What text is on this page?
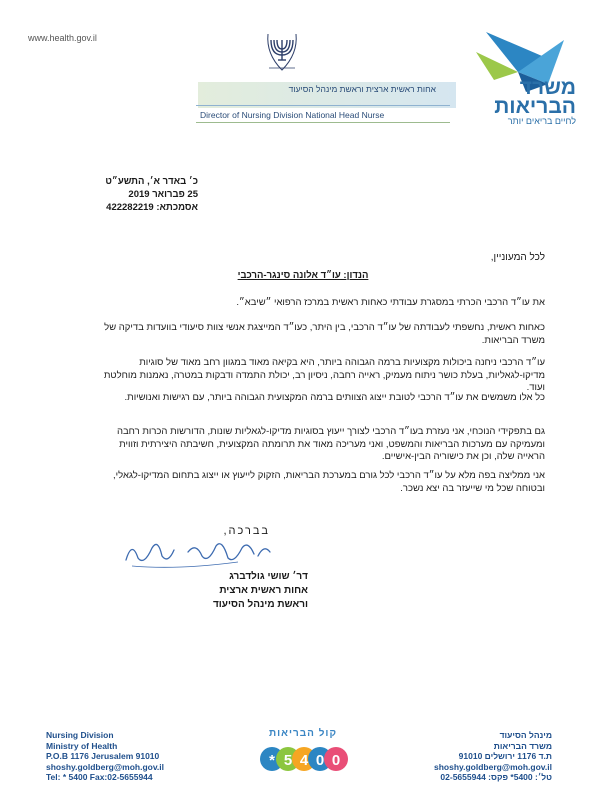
www.health.gov.il
משרד
הבריאות
לחיים בריאים יותר
אחות ראשית ארצית וראשת מינהל הסיעוד
Director of Nursing Division National Head Nurse
כ׳ באדר א׳, התשע״ט
25 פברואר 2019
אסמכתא: 422282219
לכל המעוניין,
הנדון: עו״ד אלונה סינגר-הרכבי
את עו״ד הרכבי הכרתי במסגרת עבודתי כאחות ראשית במרכז הרפואי ״שיבא״.
כאחות ראשית, נחשפתי לעבודתה של עו״ד הרכבי, בין היתר, כעו״ד המייצגת אנשי צוות סיעודי בוועדות בדיקה של משרד הבריאות.
עו״ד הרכבי ניחנה ביכולות מקצועיות ברמה הגבוהה ביותר, היא בקיאה מאוד במגוון רחב מאוד של סוגיות מדיקו-לגאליות, בעלת כושר ניתוח מעמיק, ראייה רחבה, ניסיון רב, יכולת התמדה ודבקות במטרה, נאמנות מוחלטת ועוד.
כל אלו משמשים את עו״ד הרכבי לטובת ייצוג הצוותים ברמה המקצועית הגבוהה ביותר, עם רגישות ואנושיות.
גם בתפקידי הנוכחי, אני נעזרת בעו״ד הרכבי לצורך ייעוץ בסוגיות מדיקו-לגאליות שונות, הדורשות הכרות רחבה ומעמיקה עם מערכות הבריאות והמשפט, ואני מעריכה מאוד את תרומתה המקצועית, חשיבתה היצירתית וזווית הראייה שלה, וכן את כישוריה הבין-אישיים.
אני ממליצה בפה מלא על עו״ד הרכבי לכל גורם במערכת הבריאות, הזקוק לייעוץ או ייצוג בתחום המדיקו-לגאלי, ובטוחה שכל מי שייעזר בה יצא נשכר.
בברכה,
דר׳ שושי גולדברג
אחות ראשית ארצית
וראשת מינהל הסיעוד
Nursing Division
Ministry of Health
P.O.B 1176 Jerusalem 91010
shoshy.goldberg@moh.gov.il
Tel: * 5400 Fax:02-5655944
קול הבריאות
* 5 4 0 0
מינהל הסיעוד
משרד הבריאות
ת.ד 1176 ירושלים 91010
shoshy.goldberg@moh.gov.il
טל׳: 5400* פקס: 02-5655944
